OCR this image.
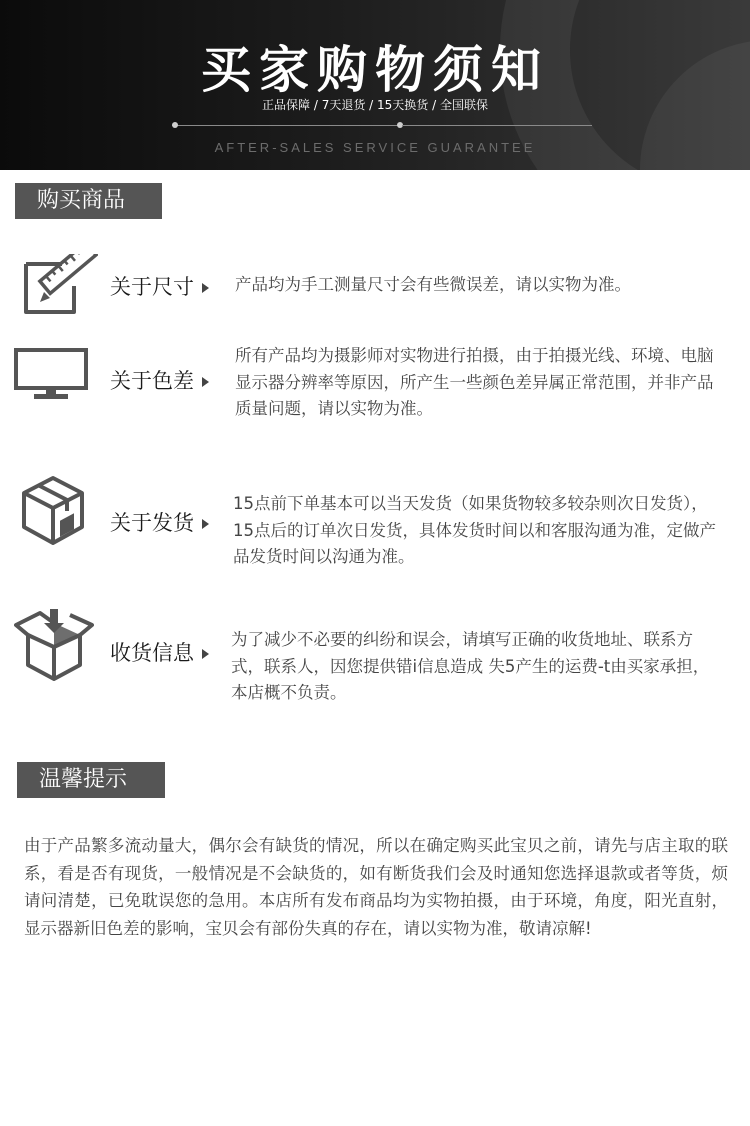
买家购物须知
正品保障 / 7天退货 / 15天换货 / 全国联保
AFTER-SALES SERVICE GUARANTEE
购买商品
关于尺寸	产品均为手工测量尺寸会有些微误差，请以实物为准。
关于色差
所有产品均为摄影师对实物进行拍摄，由于拍摄光线、环境、电脑显示器分辨率等原因，所产生一些颜色差异属正常范围，并非产品质量问题，请以实物为准。
关于发货
15点前下单基本可以当天发货（如果货物较多较杂则次日发货），15点后的订单次日发货，具体发货时间以和客服沟通为准，定做产品发货时间以沟通为准。
收货信息
为了减少不必要的纠纷和误会，请填写正确的收货地址、联系方式，联系人，因您提供错i信息造成 失5产生的运费-t由买家承担，本店概不负责。
温馨提示
由于产品繁多流动量大，偶尔会有缺货的情况，所以在确定购买此宝贝之前，请先与店主取的联系，看是否有现货，一般情况是不会缺货的，如有断货我们会及时通知您选择退款或者等货，烦请问清楚，已免耽误您的急用。本店所有发布商品均为实物拍摄，由于环境，角度，阳光直射，显示器新旧色差的影响，宝贝会有部份失真的存在，请以实物为准，敬请凉解!
